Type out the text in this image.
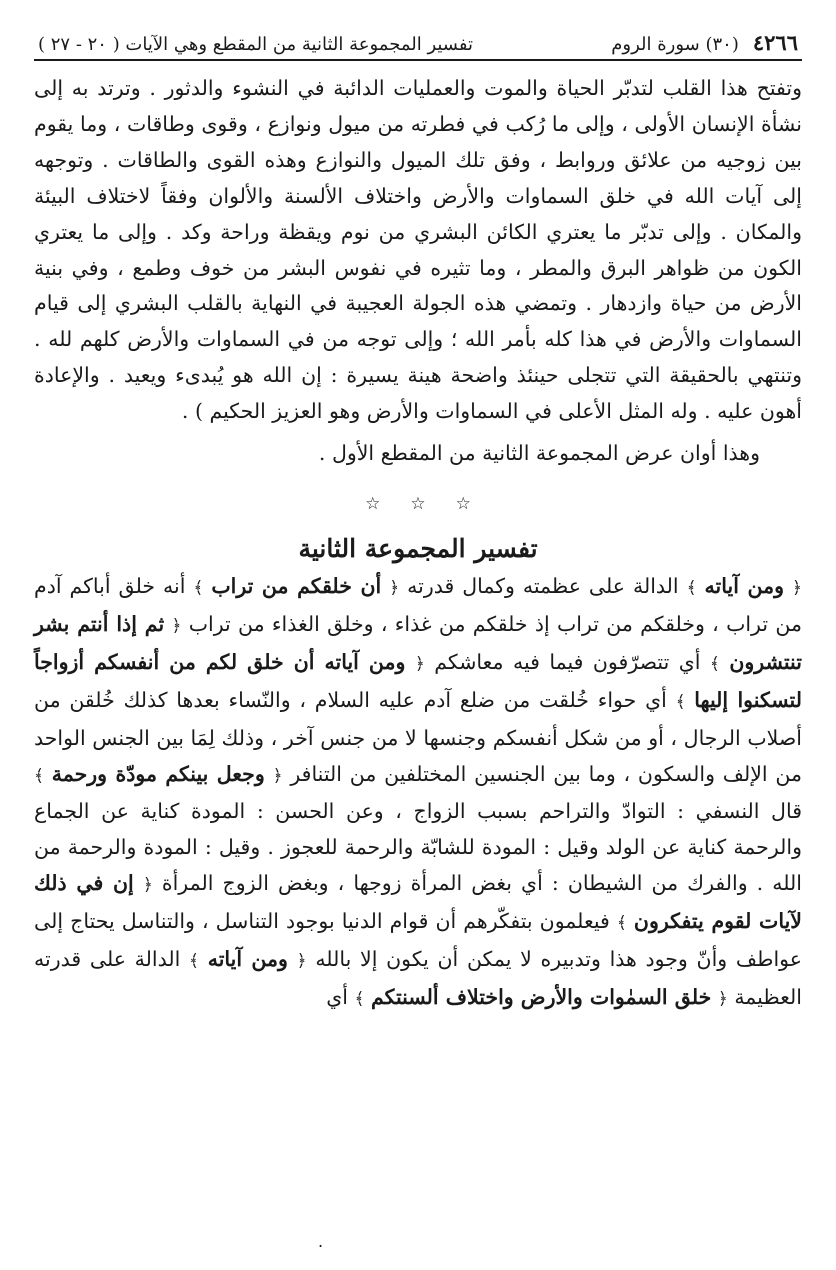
٤٢٦٦
(٣٠) سورة الروم
تفسير المجموعة الثانية من المقطع وهي الآيات ( ٢٠ - ٢٧ )

وتفتح هذا القلب لتدبّر الحياة والموت والعمليات الدائبة في النشوء والدثور . وترتد به إلى نشأة الإنسان الأولى ، وإلى ما رُكب في فطرته من ميول ونوازع ، وقوى وطاقات ، وما يقوم بين زوجيه من علائق وروابط ، وفق تلك الميول والنوازع وهذه القوى والطاقات . وتوجهه إلى آيات الله في خلق السماوات والأرض واختلاف الألسنة والألوان وفقاً لاختلاف البيئة والمكان . وإلى تدبّر ما يعتري الكائن البشري من نوم ويقظة وراحة وكد . وإلى ما يعتري الكون من ظواهر البرق والمطر ، وما تثيره في نفوس البشر من خوف وطمع ، وفي بنية الأرض من حياة وازدهار . وتمضي هذه الجولة العجيبة في النهاية بالقلب البشري إلى قيام السماوات والأرض في هذا كله بأمر الله ؛ وإلى توجه من في السماوات والأرض كلهم لله . وتنتهي بالحقيقة التي تتجلى حينئذ واضحة هينة يسيرة : إن الله هو يُبدىء ويعيد . والإعادة أهون عليه . وله المثل الأعلى في السماوات والأرض وهو العزيز الحكيم ) .

وهذا أوان عرض المجموعة الثانية من المقطع الأول .

☆ ☆ ☆
تفسير المجموعة الثانية

﴿ ومن آياته ﴾ الدالة على عظمته وكمال قدرته ﴿ أن خلقكم من تراب ﴾ أنه خلق أباكم آدم من تراب ، وخلقكم من تراب إذ خلقكم من غذاء ، وخلق الغذاء من تراب ﴿ ثم إذا أنتم بشر تنتشرون ﴾ أي تتصرّفون فيما فيه معاشكم ﴿ ومن آياته أن خلق لكم من أنفسكم أزواجاً لتسكنوا إليها ﴾ أي حواء خُلقت من ضلع آدم عليه السلام ، والنّساء بعدها كذلك خُلقن من أصلاب الرجال ، أو من شكل أنفسكم وجنسها لا من جنس آخر ، وذلك لِمَا بين الجنس الواحد من الإلف والسكون ، وما بين الجنسين المختلفين من التنافر ﴿ وجعل بينكم مودّة ورحمة ﴾ قال النسفي : التوادّ والتراحم بسبب الزواج ، وعن الحسن : المودة كناية عن الجماع والرحمة كناية عن الولد وقيل : المودة للشابّة والرحمة للعجوز . وقيل : المودة والرحمة من الله . والفرك من الشيطان : أي بغض المرأة زوجها ، وبغض الزوج المرأة ﴿ إن في ذلك لآيات لقوم يتفكرون ﴾ فيعلمون بتفكّرهم أن قوام الدنيا بوجود التناسل ، والتناسل يحتاج إلى عواطف وأنّ وجود هذا وتدبيره لا يمكن أن يكون إلا بالله ﴿ ومن آياته ﴾ الدالة على قدرته العظيمة ﴿ خلق السمٰوات والأرض واختلاف ألسنتكم ﴾ أي

.
